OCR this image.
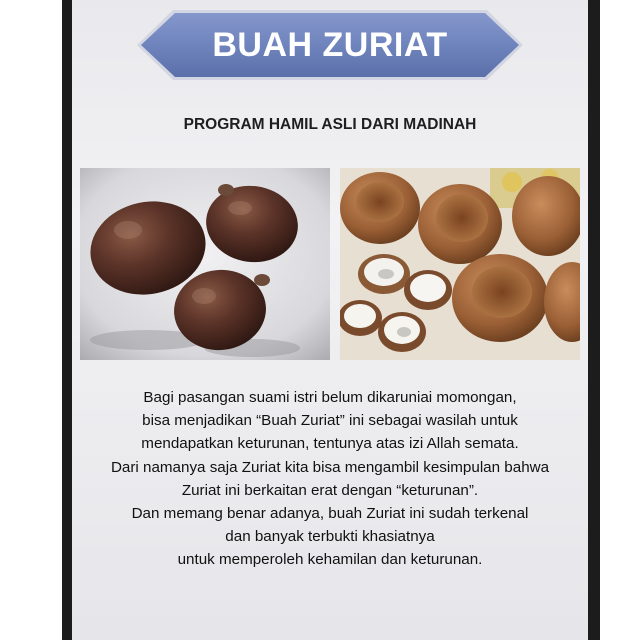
BUAH ZURIAT
PROGRAM HAMIL ASLI DARI MADINAH
Bagi pasangan suami istri belum dikaruniai momongan,
bisa menjadikan “Buah Zuriat” ini sebagai wasilah untuk
mendapatkan keturunan, tentunya atas izi Allah semata.
Dari namanya saja Zuriat kita bisa mengambil kesimpulan bahwa
Zuriat ini berkaitan erat dengan “keturunan”.
Dan memang benar adanya, buah Zuriat ini sudah terkenal
dan banyak terbukti khasiatnya
untuk memperoleh kehamilan dan keturunan.
